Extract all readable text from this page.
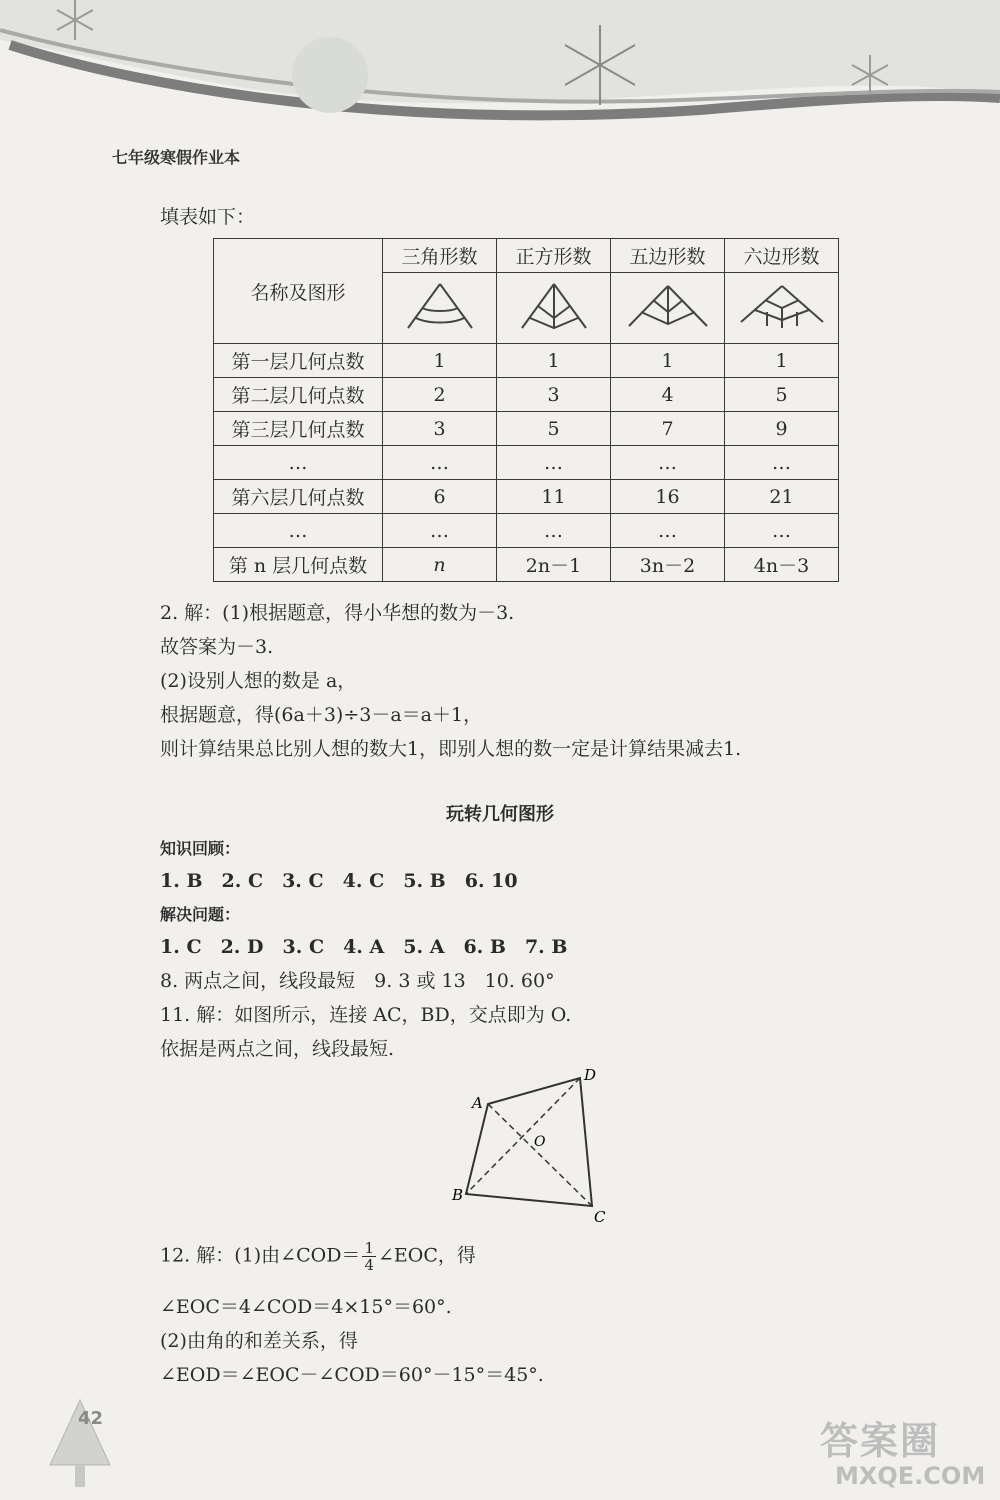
七年级寒假作业本
填表如下：
名称及图形	三角形数	正方形数	五边形数	六边形数

第一层几何点数	1	1	1	1
第二层几何点数	2	3	4	5
第三层几何点数	3	5	7	9
…	…	…	…	…
第六层几何点数	6	11	16	21
…	…	…	…	…
第 n 层几何点数	n	2n－1	3n－2	4n－3
2. 解：(1)根据题意，得小华想的数为－3.
故答案为－3.
(2)设别人想的数是 a，
根据题意，得(6a＋3)÷3－a＝a＋1，
则计算结果总比别人想的数大1，即别人想的数一定是计算结果减去1.
玩转几何图形
知识回顾：
1. B　2. C　3. C　4. C　5. B　6. 10
解决问题：
1. C　2. D　3. C　4. A　5. A　6. B　7. B
8. 两点之间，线段最短　9. 3 或 13　10. 60°
11. 解：如图所示，连接 AC，BD，交点即为 O.
依据是两点之间，线段最短.
A
D
B
C
O
12. 解：(1)由∠COD＝ $\frac{1}{4}$ ∠EOC，得
∠EOC＝4∠COD＝4×15°＝60°.
(2)由角的和差关系，得
∠EOD＝∠EOC－∠COD＝60°－15°＝45°.
42
答案圈
MXQE.COM
